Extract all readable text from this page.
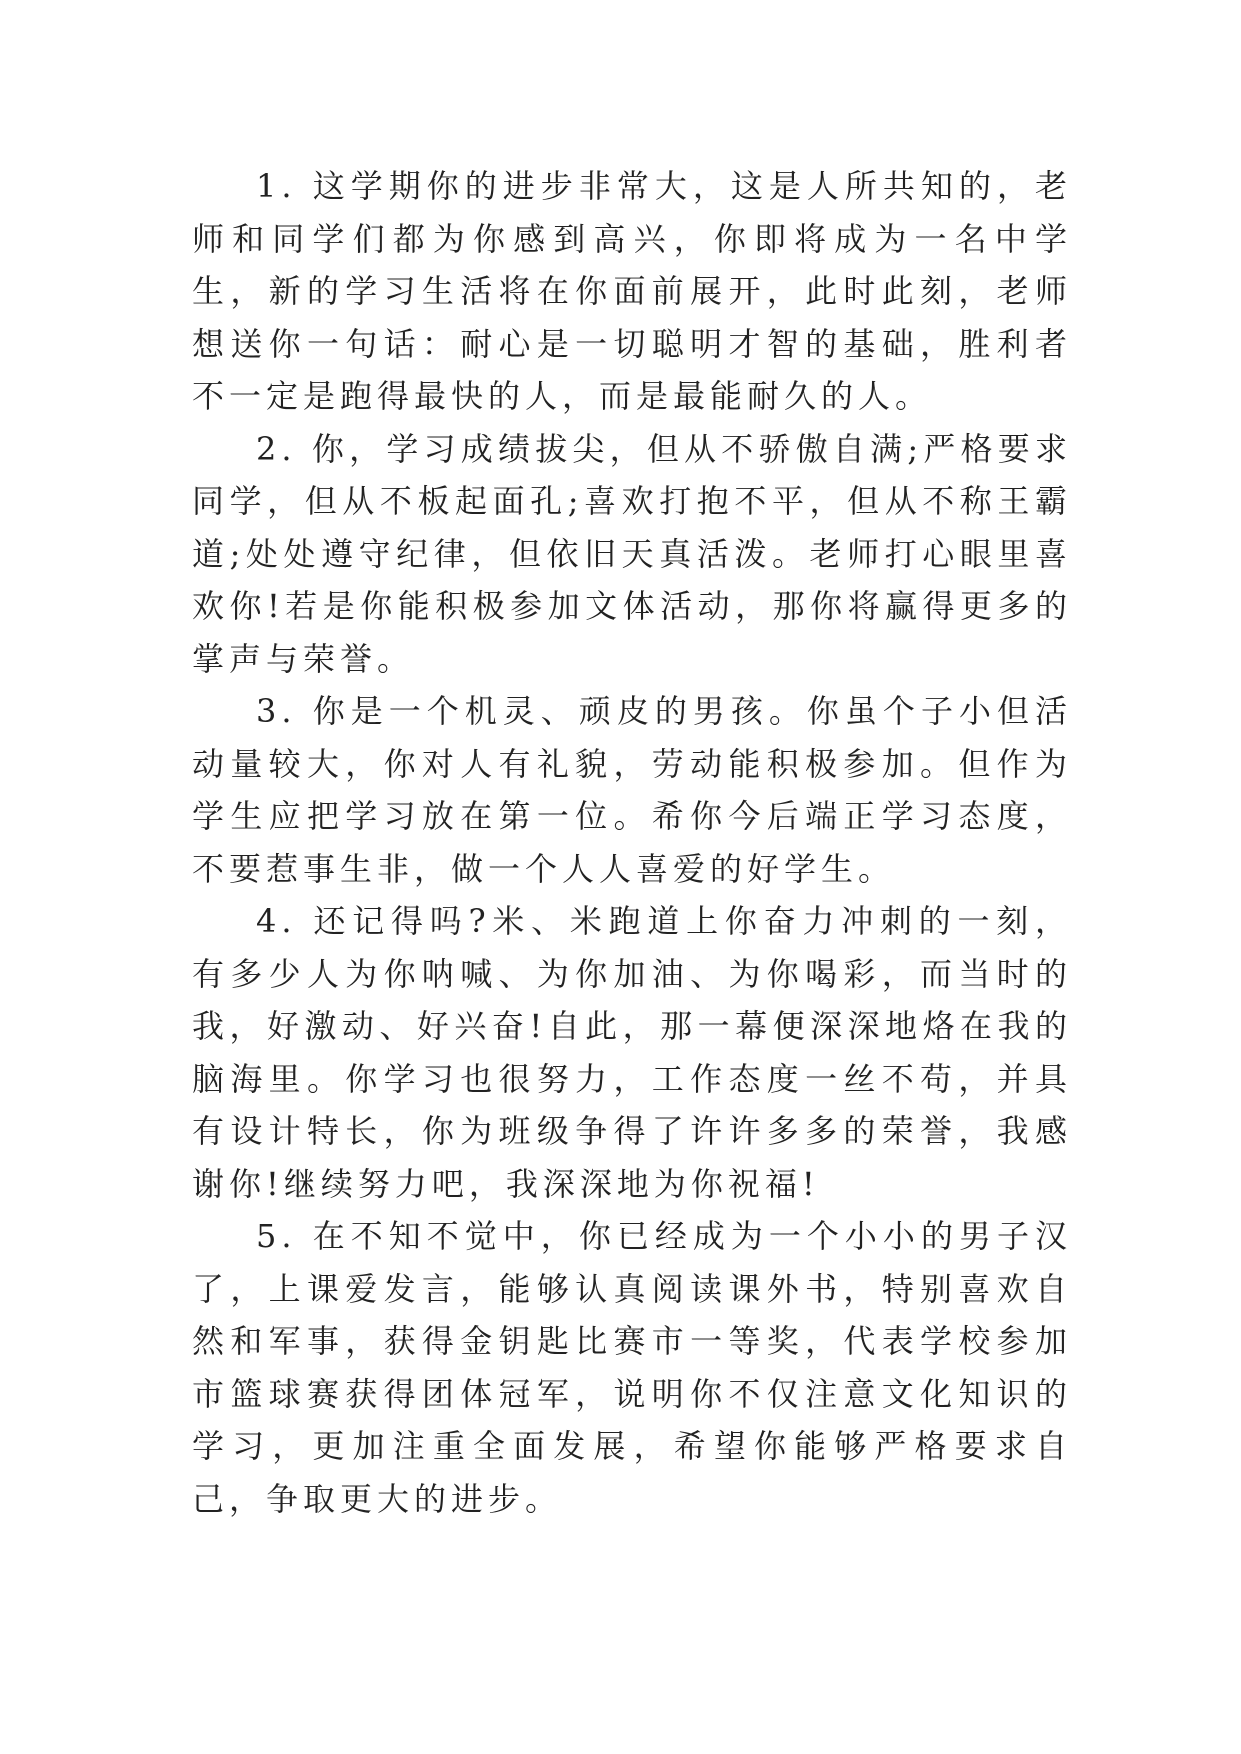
1. 这学期你的进步非常大，这是人所共知的，老师和同学们都为你感到高兴，你即将成为一名中学生，新的学习生活将在你面前展开，此时此刻，老师想送你一句话：耐心是一切聪明才智的基础，胜利者不一定是跑得最快的人，而是最能耐久的人。

2. 你，学习成绩拔尖，但从不骄傲自满;严格要求同学，但从不板起面孔;喜欢打抱不平，但从不称王霸道;处处遵守纪律，但依旧天真活泼。老师打心眼里喜欢你!若是你能积极参加文体活动，那你将赢得更多的掌声与荣誉。

3. 你是一个机灵、顽皮的男孩。你虽个子小但活动量较大，你对人有礼貌，劳动能积极参加。但作为学生应把学习放在第一位。希你今后端正学习态度，不要惹事生非，做一个人人喜爱的好学生。

4. 还记得吗?米、米跑道上你奋力冲刺的一刻，有多少人为你呐喊、为你加油、为你喝彩，而当时的我，好激动、好兴奋!自此，那一幕便深深地烙在我的脑海里。你学习也很努力，工作态度一丝不苟，并具有设计特长，你为班级争得了许许多多的荣誉，我感谢你!继续努力吧，我深深地为你祝福!

5. 在不知不觉中，你已经成为一个小小的男子汉了，上课爱发言，能够认真阅读课外书，特别喜欢自然和军事，获得金钥匙比赛市一等奖，代表学校参加市篮球赛获得团体冠军，说明你不仅注意文化知识的学习，更加注重全面发展，希望你能够严格要求自己，争取更大的进步。
